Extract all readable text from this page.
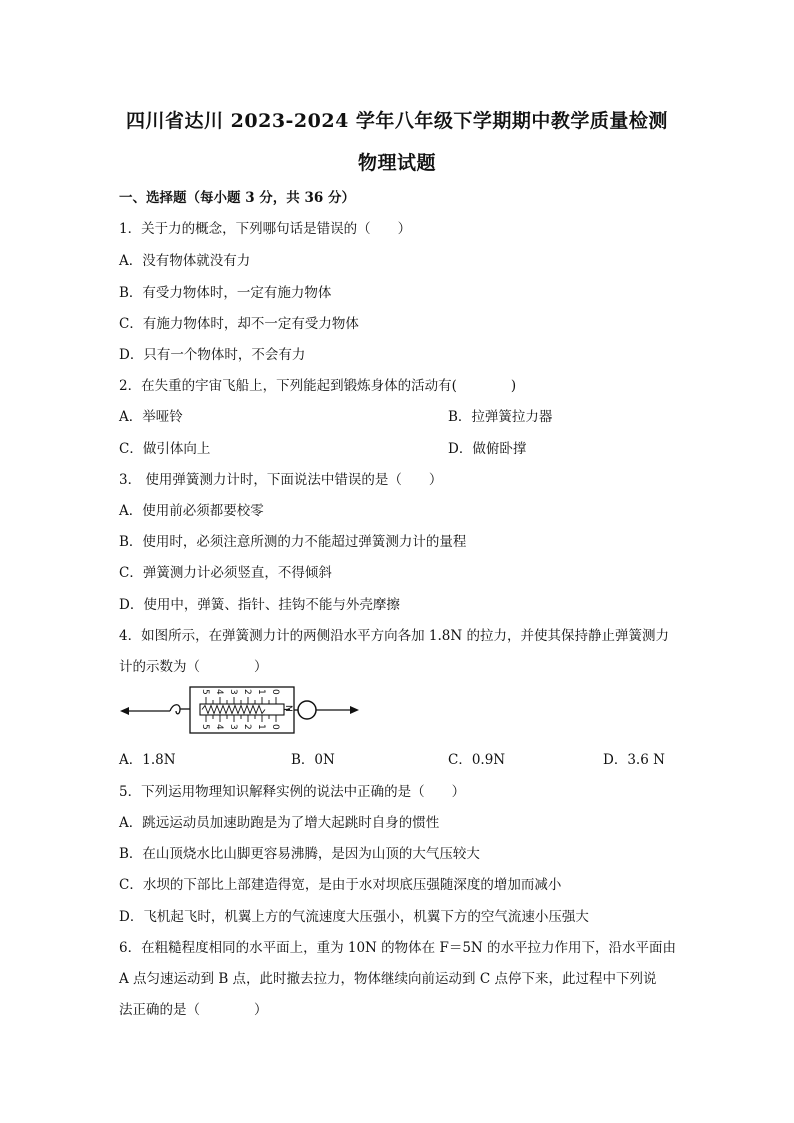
四川省达川 2023-2024 学年八年级下学期期中教学质量检测
物理试题
一、选择题（每小题 3 分，共 36 分）
1．关于力的概念，下列哪句话是错误的（　　）
A．没有物体就没有力
B．有受力物体时，一定有施力物体
C．有施力物体时，却不一定有受力物体
D．只有一个物体时，不会有力
2．在失重的宇宙飞船上，下列能起到锻炼身体的活动有(　　　　)
A．举哑铃	B．拉弹簧拉力器
C．做引体向上	D．做俯卧撑
3． 使用弹簧测力计时，下面说法中错误的是（　　）
A．使用前必须都要校零
B．使用时，必须注意所测的力不能超过弹簧测力计的量程
C．弹簧测力计必须竖直，不得倾斜
D．使用中，弹簧、指针、挂钩不能与外壳摩擦
4．如图所示，在弹簧测力计的两侧沿水平方向各加 1.8N 的拉力，并使其保持静止弹簧测力
计的示数为（　　　　）
5 4 3 2 1 0
5 4 3 2 1 0
N
A．1.8N	B．0N	C．0.9N	D．3.6 N
5．下列运用物理知识解释实例的说法中正确的是（　　）
A．跳远运动员加速助跑是为了增大起跳时自身的惯性
B．在山顶烧水比山脚更容易沸腾，是因为山顶的大气压较大
C．水坝的下部比上部建造得宽，是由于水对坝底压强随深度的增加而减小
D．飞机起飞时，机翼上方的气流速度大压强小，机翼下方的空气流速小压强大
6．在粗糙程度相同的水平面上，重为 10N 的物体在 F＝5N 的水平拉力作用下，沿水平面由
A 点匀速运动到 B 点，此时撤去拉力，物体继续向前运动到 C 点停下来，此过程中下列说
法正确的是（　　　　）
